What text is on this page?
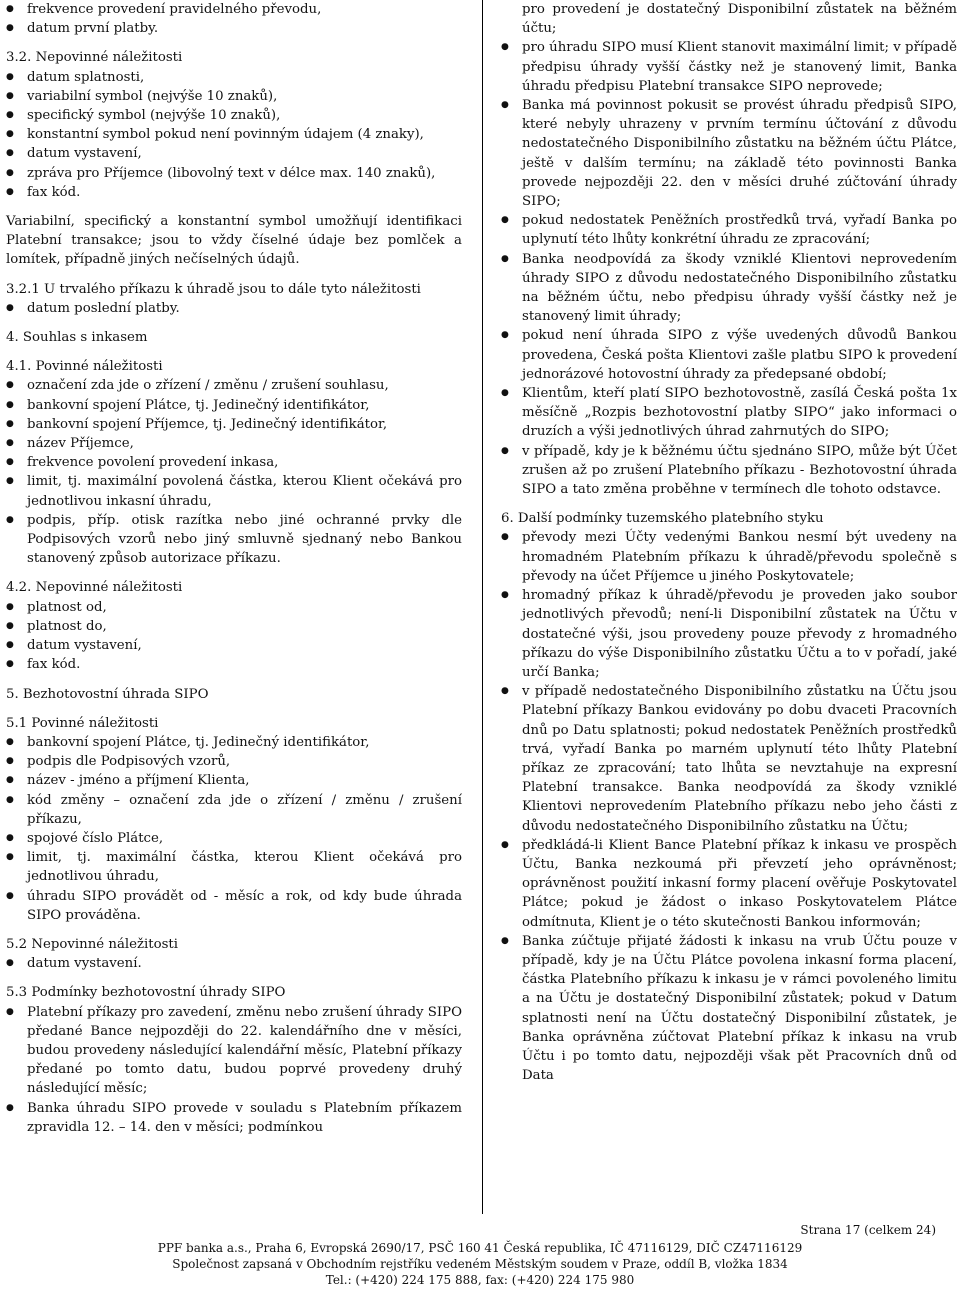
● frekvence provedení pravidelného převodu,
● datum první platby.
3.2. Nepovinné náležitosti
● datum splatnosti,
● variabilní symbol (nejvýše 10 znaků),
● specifický symbol (nejvýše 10 znaků),
● konstantní symbol pokud není povinným údajem (4 znaky),
● datum vystavení,
● zpráva pro Příjemce (libovolný text v délce max. 140 znaků),
● fax kód.
Variabilní, specifický a konstantní symbol umožňují identifikaci Platební transakce; jsou to vždy číselné údaje bez pomlček a lomítek, případně jiných nečíselných údajů.
3.2.1 U trvalého příkazu k úhradě jsou to dále tyto náležitosti
● datum poslední platby.
4. Souhlas s inkasem
4.1. Povinné náležitosti
● označení zda jde o zřízení / změnu / zrušení souhlasu,
● bankovní spojení Plátce, tj. Jedinečný identifikátor,
● bankovní spojení Příjemce, tj. Jedinečný identifikátor,
● název Příjemce,
● frekvence povolení provedení inkasa,
● limit, tj. maximální povolená částka, kterou Klient očekává pro jednotlivou inkasní úhradu,
● podpis, příp. otisk razítka nebo jiné ochranné prvky dle Podpisových vzorů nebo jiný smluvně sjednaný nebo Bankou stanovený způsob autorizace příkazu.
4.2. Nepovinné náležitosti
● platnost od,
● platnost do,
● datum vystavení,
● fax kód.
5. Bezhotovostní úhrada SIPO
5.1 Povinné náležitosti
● bankovní spojení Plátce, tj. Jedinečný identifikátor,
● podpis dle Podpisových vzorů,
● název - jméno a příjmení Klienta,
● kód změny – označení zda jde o zřízení / změnu / zrušení příkazu,
● spojové číslo Plátce,
● limit, tj. maximální částka, kterou Klient očekává pro jednotlivou úhradu,
● úhradu SIPO provádět od - měsíc a rok, od kdy bude úhrada SIPO prováděna.
5.2 Nepovinné náležitosti
● datum vystavení.
5.3 Podmínky bezhotovostní úhrady SIPO
● Platební příkazy pro zavedení, změnu nebo zrušení úhrady SIPO předané Bance nejpozději do 22. kalendářního dne v měsíci, budou provedeny následující kalendářní měsíc, Platební příkazy předané po tomto datu, budou poprvé provedeny druhý následující měsíc;
● Banka úhradu SIPO provede v souladu s Platebním příkazem zpravidla 12. – 14. den v měsíci; podmínkou
pro provedení je dostatečný Disponibilní zůstatek na běžném účtu;
● pro úhradu SIPO musí Klient stanovit maximální limit; v případě předpisu úhrady vyšší částky než je stanovený limit, Banka úhradu předpisu Platební transakce SIPO neprovede;
● Banka má povinnost pokusit se provést úhradu předpisů SIPO, které nebyly uhrazeny v prvním termínu účtování z důvodu nedostatečného Disponibilního zůstatku na běžném účtu Plátce, ještě v dalším termínu; na základě této povinnosti Banka provede nejpozději 22. den v měsíci druhé zúčtování úhrady SIPO;
● pokud nedostatek Peněžních prostředků trvá, vyřadí Banka po uplynutí této lhůty konkrétní úhradu ze zpracování;
● Banka neodpovídá za škody vzniklé Klientovi neprovedením úhrady SIPO z důvodu nedostatečného Disponibilního zůstatku na běžném účtu, nebo předpisu úhrady vyšší částky než je stanovený limit úhrady;
● pokud není úhrada SIPO z výše uvedených důvodů Bankou provedena, Česká pošta Klientovi zašle platbu SIPO k provedení jednorázové hotovostní úhrady za předepsané období;
● Klientům, kteří platí SIPO bezhotovostně, zasílá Česká pošta 1x měsíčně „Rozpis bezhotovostní platby SIPO“ jako informaci o druzích a výši jednotlivých úhrad zahrnutých do SIPO;
● v případě, kdy je k běžnému účtu sjednáno SIPO, může být Účet zrušen až po zrušení Platebního příkazu - Bezhotovostní úhrada SIPO a tato změna proběhne v termínech dle tohoto odstavce.
6. Další podmínky tuzemského platebního styku
● převody mezi Účty vedenými Bankou nesmí být uvedeny na hromadném Platebním příkazu k úhradě/převodu společně s převody na účet Příjemce u jiného Poskytovatele;
● hromadný příkaz k úhradě/převodu je proveden jako soubor jednotlivých převodů; není-li Disponibilní zůstatek na Účtu v dostatečné výši, jsou provedeny pouze převody z hromadného příkazu do výše Disponibilního zůstatku Účtu a to v pořadí, jaké určí Banka;
● v případě nedostatečného Disponibilního zůstatku na Účtu jsou Platební příkazy Bankou evidovány po dobu dvaceti Pracovních dnů po Datu splatnosti; pokud nedostatek Peněžních prostředků trvá, vyřadí Banka po marném uplynutí této lhůty Platební příkaz ze zpracování; tato lhůta se nevztahuje na expresní Platební transakce. Banka neodpovídá za škody vzniklé Klientovi neprovedením Platebního příkazu nebo jeho části z důvodu nedostatečného Disponibilního zůstatku na Účtu;
● předkládá-li Klient Bance Platební příkaz k inkasu ve prospěch Účtu, Banka nezkoumá při převzetí jeho oprávněnost; oprávněnost použití inkasní formy placení ověřuje Poskytovatel Plátce; pokud je žádost o inkaso Poskytovatelem Plátce odmítnuta, Klient je o této skutečnosti Bankou informován;
● Banka zúčtuje přijaté žádosti k inkasu na vrub Účtu pouze v případě, kdy je na Účtu Plátce povolena inkasní forma placení, částka Platebního příkazu k inkasu je v rámci povoleného limitu a na Účtu je dostatečný Disponibilní zůstatek; pokud v Datum splatnosti není na Účtu dostatečný Disponibilní zůstatek, je Banka oprávněna zúčtovat Platební příkaz k inkasu na vrub Účtu i po tomto datu, nejpozději však pět Pracovních dnů od Data
Strana 17 (celkem 24)
PPF banka a.s., Praha 6, Evropská 2690/17, PSČ 160 41 Česká republika, IČ 47116129, DIČ CZ47116129
Společnost zapsaná v Obchodním rejstříku vedeném Městským soudem v Praze, oddíl B, vložka 1834
Tel.: (+420) 224 175 888, fax: (+420) 224 175 980
